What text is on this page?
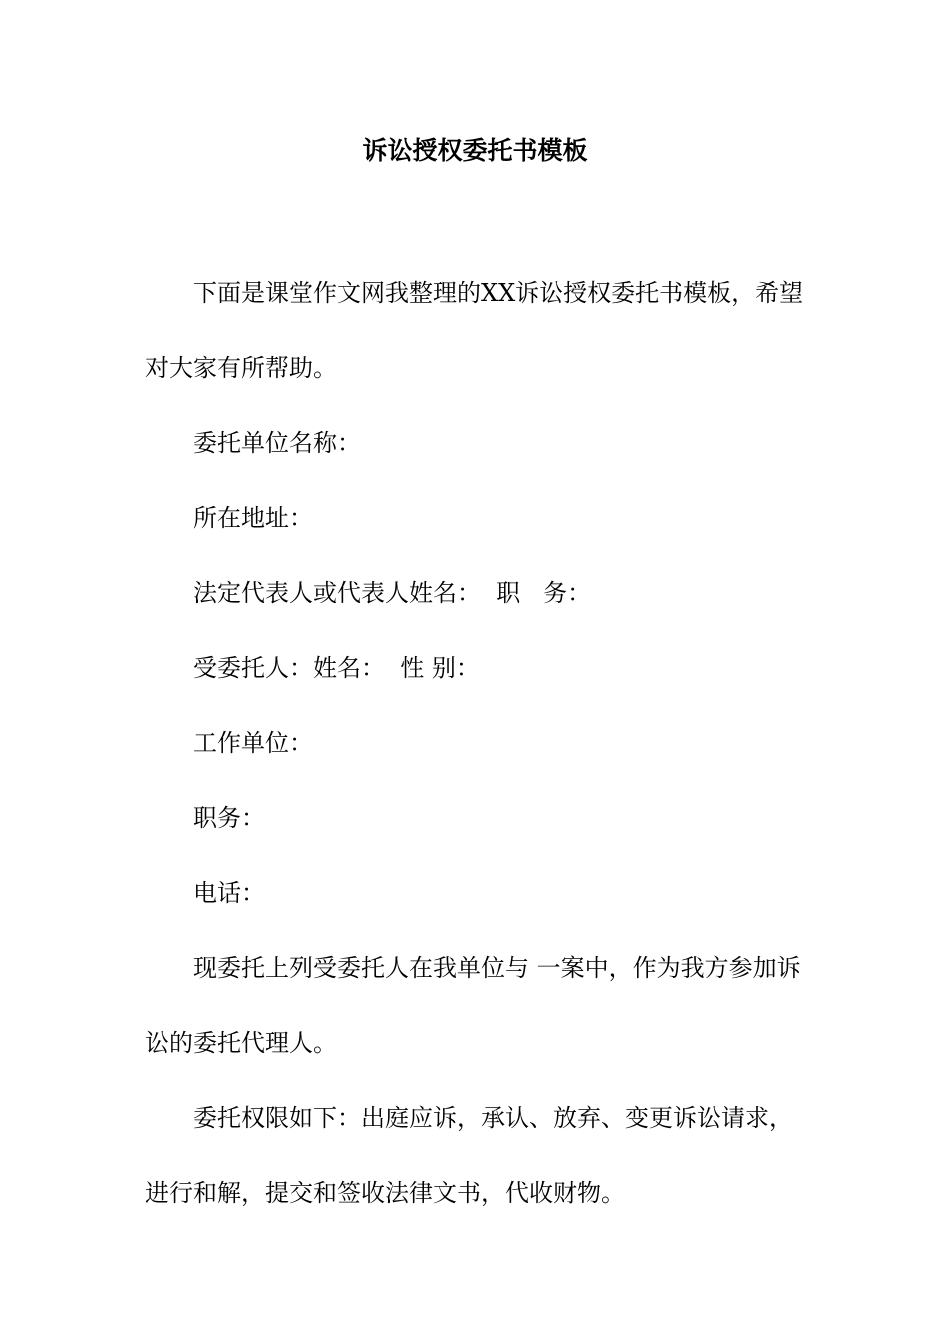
诉讼授权委托书模板

下面是课堂作文网我整理的XX诉讼授权委托书模板，希望对大家有所帮助。

委托单位名称：

所在地址：

法定代表人或代表人姓名：  职   务：

受委托人：姓名：  性 别：

工作单位：

职务：

电话：

现委托上列受委托人在我单位与 一案中，作为我方参加诉讼的委托代理人。

委托权限如下：出庭应诉，承认、放弃、变更诉讼请求，进行和解，提交和签收法律文书，代收财物。
